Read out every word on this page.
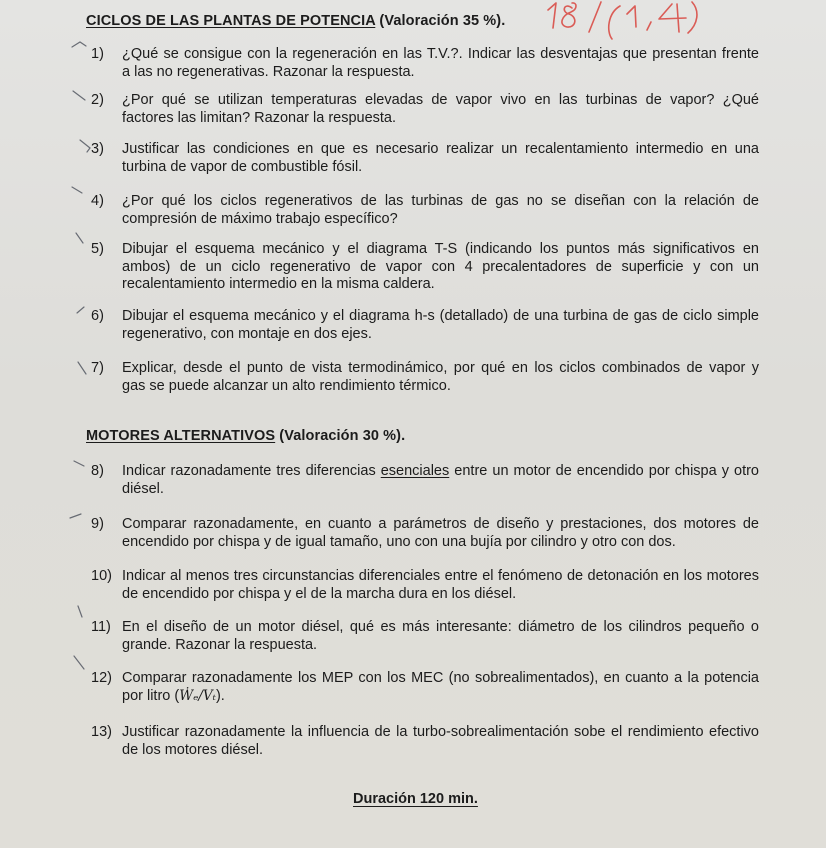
CICLOS DE LAS PLANTAS DE POTENCIA (Valoración 35 %).
1) ¿Qué se consigue con la regeneración en las T.V.?. Indicar las desventajas que presentan frente
a las no regenerativas. Razonar la respuesta.
2) ¿Por qué se utilizan temperaturas elevadas de vapor vivo en las turbinas de vapor? ¿Qué
factores las limitan? Razonar la respuesta.
3) Justificar las condiciones en que es necesario realizar un recalentamiento intermedio en una
turbina de vapor de combustible fósil.
4) ¿Por qué los ciclos regenerativos de las turbinas de gas no se diseñan con la relación de
compresión de máximo trabajo específico?
5) Dibujar el esquema mecánico y el diagrama T-S (indicando los puntos más significativos en
ambos) de un ciclo regenerativo de vapor con 4 precalentadores de superficie y con un
recalentamiento intermedio en la misma caldera.
6) Dibujar el esquema mecánico y el diagrama h-s (detallado) de una turbina de gas de ciclo simple
regenerativo, con montaje en dos ejes.
7) Explicar, desde el punto de vista termodinámico, por qué en los ciclos combinados de vapor y
gas se puede alcanzar un alto rendimiento térmico.
MOTORES ALTERNATIVOS (Valoración 30 %).
8) Indicar razonadamente tres diferencias esenciales entre un motor de encendido por chispa y otro
diésel.
9) Comparar razonadamente, en cuanto a parámetros de diseño y prestaciones, dos motores de
encendido por chispa y de igual tamaño, uno con una bujía por cilindro y otro con dos.
10) Indicar al menos tres circunstancias diferenciales entre el fenómeno de detonación en los motores
de encendido por chispa y el de la marcha dura en los diésel.
11) En el diseño de un motor diésel, qué es más interesante: diámetro de los cilindros pequeño o
grande. Razonar la respuesta.
12) Comparar razonadamente los MEP con los MEC (no sobrealimentados), en cuanto a la potencia
por litro (Ẇₑ/Vₜ).
13) Justificar razonadamente la influencia de la turbo-sobrealimentación sobe el rendimiento efectivo
de los motores diésel.
Duración 120 min.
